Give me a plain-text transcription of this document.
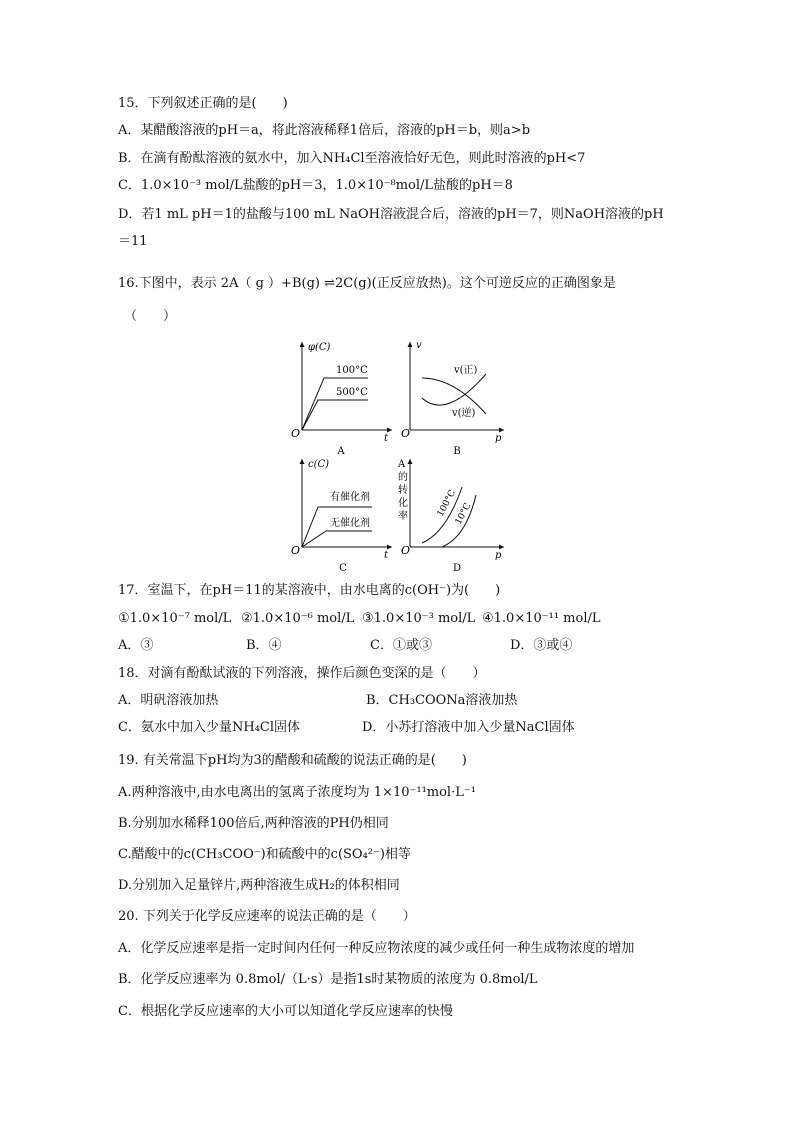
15．下列叙述正确的是(　　)
A．某醋酸溶液的pH＝a，将此溶液稀释1倍后，溶液的pH＝b，则a>b
B．在滴有酚酞溶液的氨水中，加入NH₄Cl至溶液恰好无色，则此时溶液的pH<7
C．1.0×10⁻³ mol/L盐酸的pH＝3，1.0×10⁻⁸mol/L盐酸的pH＝8
D．若1 mL pH＝1的盐酸与100 mL NaOH溶液混合后，溶液的pH＝7，则NaOH溶液的pH
＝11
16.下图中，表示 2A（ g ）+B(g) ⇌2C(g)(正反应放热)。这个可逆反应的正确图象是
（　　）
φ(C)
O	t
100°C
500°C
A
v
O	p
v(正)
v(逆)
B
c(C)
O	t
有催化剂
无催化剂
C
A
的
转
化
率
O	p
100°C
10°C
D
17．室温下，在pH＝11的某溶液中，由水电离的c(OH⁻)为(　　)
①1.0×10⁻⁷ mol/L ②1.0×10⁻⁶ mol/L ③1.0×10⁻³ mol/L ④1.0×10⁻¹¹ mol/L
A．③	B．④	C．①或③	D．③或④
18．对滴有酚酞试液的下列溶液，操作后颜色变深的是（　　）
A．明矾溶液加热	B．CH₃COONa溶液加热
C．氨水中加入少量NH₄Cl固体	D．小苏打溶液中加入少量NaCl固体
19. 有关常温下pH均为3的醋酸和硫酸的说法正确的是(　　)
A.两种溶液中,由水电离出的氢离子浓度均为 1×10⁻¹¹mol·L⁻¹
B.分别加水稀释100倍后,两种溶液的PH仍相同
C.醋酸中的c(CH₃COO⁻)和硫酸中的c(SO₄²⁻)相等
D.分别加入足量锌片,两种溶液生成H₂的体积相同
20. 下列关于化学反应速率的说法正确的是（　　）
A．化学反应速率是指一定时间内任何一种反应物浓度的减少或任何一种生成物浓度的增加
B．化学反应速率为 0.8mol/（L·s）是指1s时某物质的浓度为 0.8mol/L
C．根据化学反应速率的大小可以知道化学反应速率的快慢
